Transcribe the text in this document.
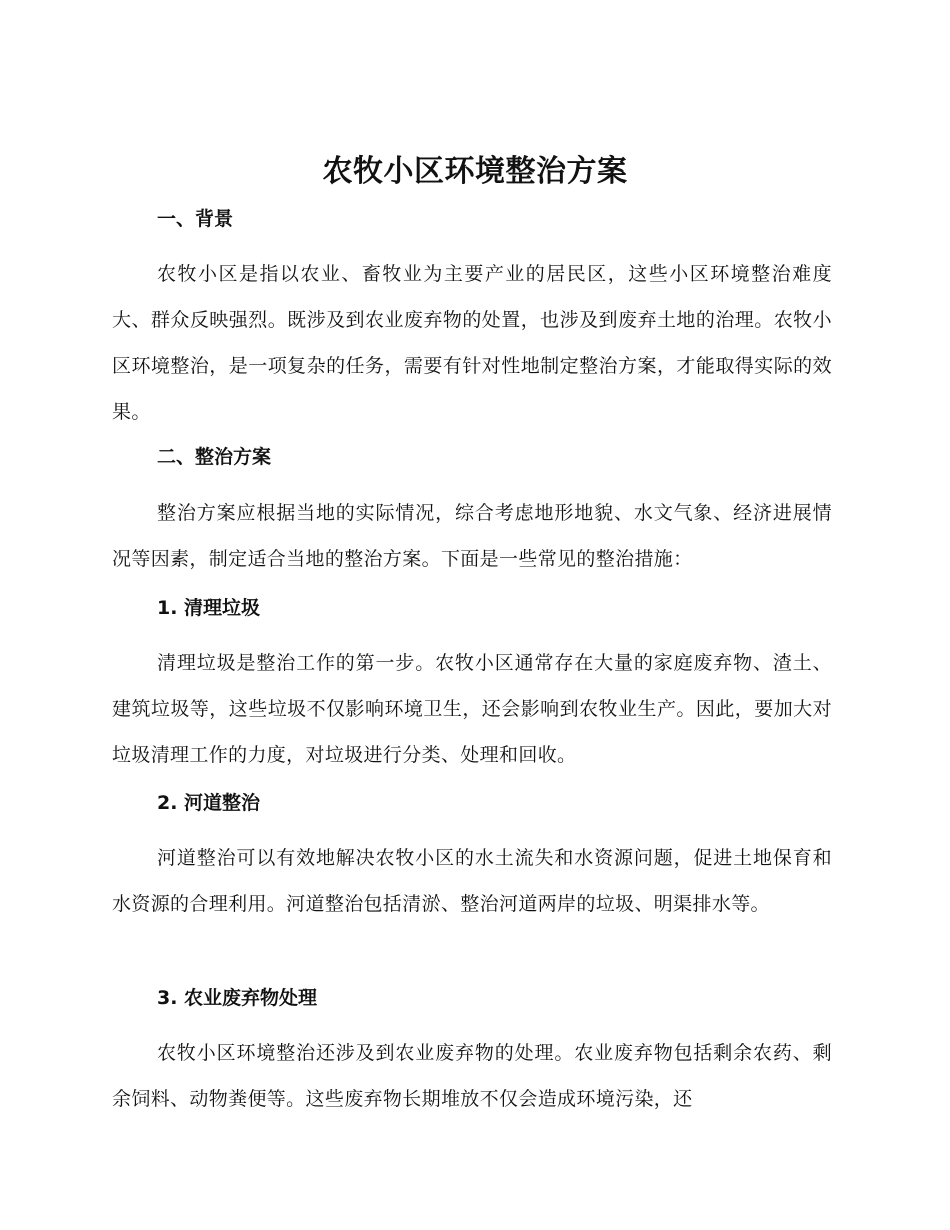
农牧小区环境整治方案
一、背景

农牧小区是指以农业、畜牧业为主要产业的居民区，这些小区环境整治难度大、群众反映强烈。既涉及到农业废弃物的处置，也涉及到废弃土地的治理。农牧小区环境整治，是一项复杂的任务，需要有针对性地制定整治方案，才能取得实际的效果。

二、整治方案

整治方案应根据当地的实际情况，综合考虑地形地貌、水文气象、经济进展情况等因素，制定适合当地的整治方案。下面是一些常见的整治措施：

1. 清理垃圾

清理垃圾是整治工作的第一步。农牧小区通常存在大量的家庭废弃物、渣土、建筑垃圾等，这些垃圾不仅影响环境卫生，还会影响到农牧业生产。因此，要加大对垃圾清理工作的力度，对垃圾进行分类、处理和回收。

2. 河道整治

河道整治可以有效地解决农牧小区的水土流失和水资源问题，促进土地保育和水资源的合理利用。河道整治包括清淤、整治河道两岸的垃圾、明渠排水等。

3. 农业废弃物处理

农牧小区环境整治还涉及到农业废弃物的处理。农业废弃物包括剩余农药、剩余饲料、动物粪便等。这些废弃物长期堆放不仅会造成环境污染，还
